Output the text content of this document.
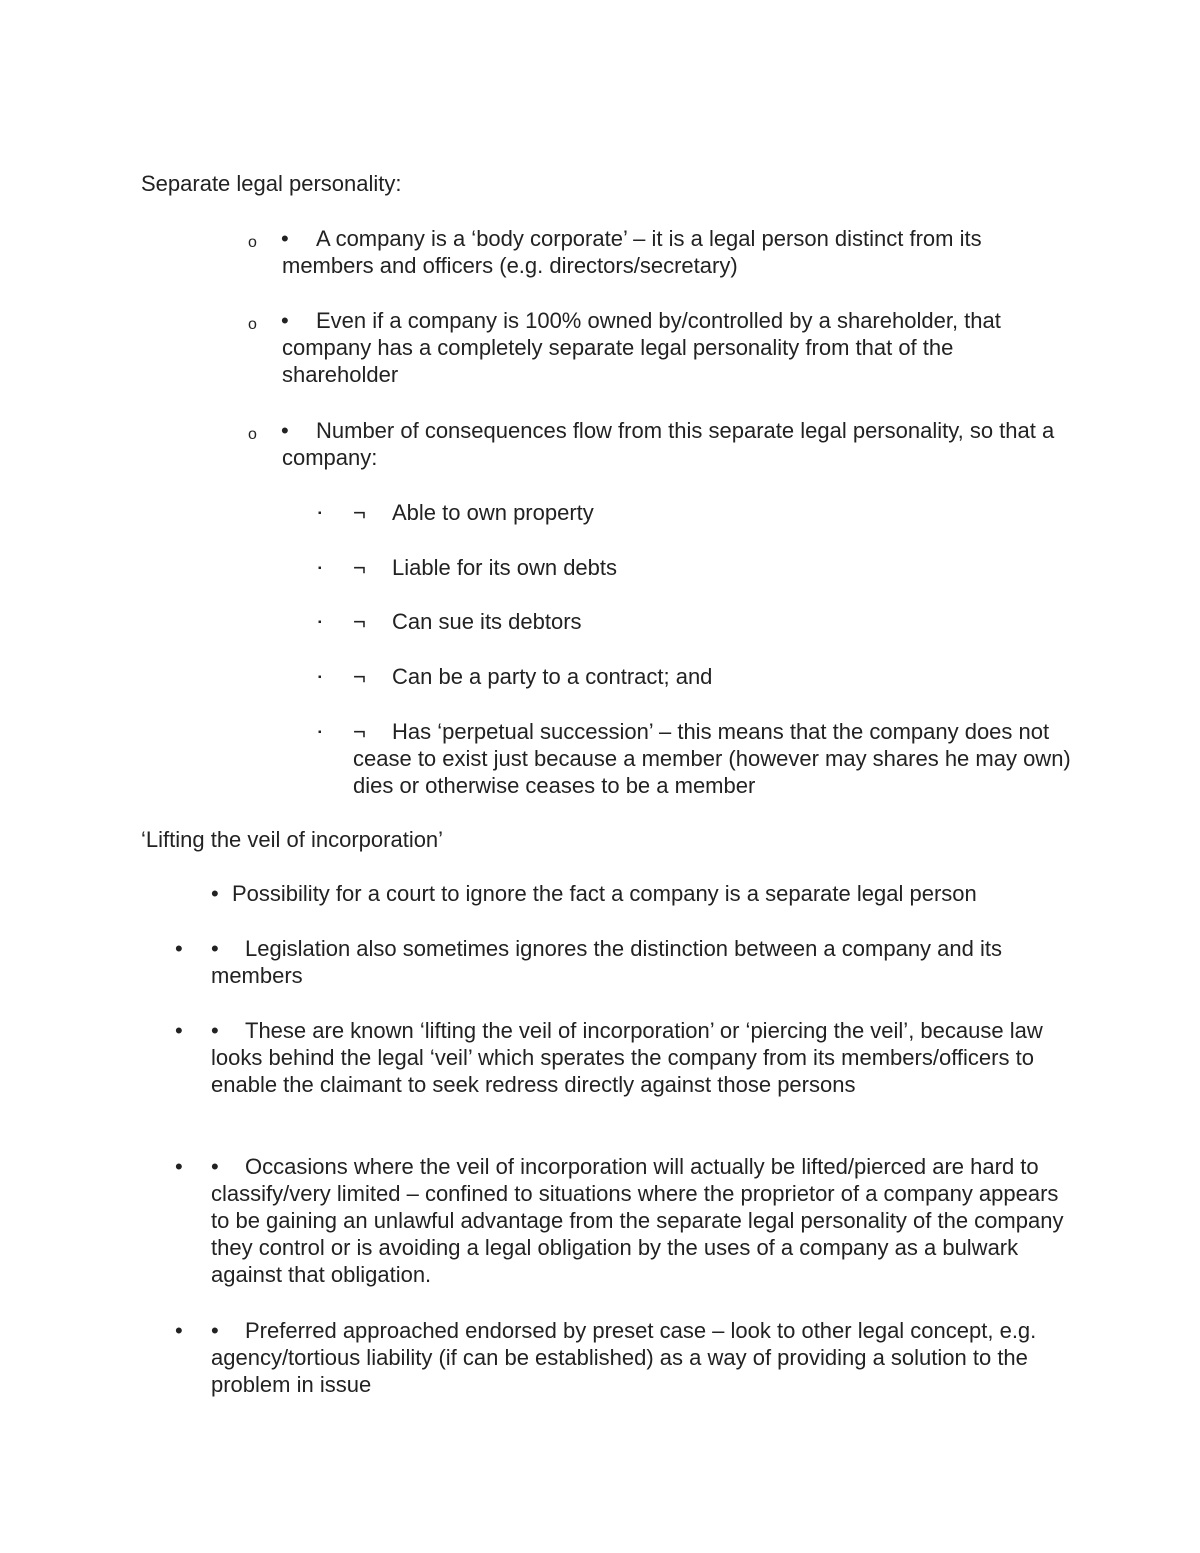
Separate legal personality:
o •	A company is a ‘body corporate’ – it is a legal person distinct from its members and officers (e.g. directors/secretary)
o •	Even if a company is 100% owned by/controlled by a shareholder, that company has a completely separate legal personality from that of the shareholder
o •	Number of consequences flow from this separate legal personality, so that a company:
▪ ¬ Able to own property
▪ ¬ Liable for its own debts
▪ ¬ Can sue its debtors
▪ ¬ Can be a party to a contract; and
▪ ¬	Has ‘perpetual succession’ – this means that the company does not cease to exist just because a member (however may shares he may own) dies or otherwise ceases to be a member
‘Lifting the veil of incorporation’
• Possibility for a court to ignore the fact a company is a separate legal person
• •	Legislation also sometimes ignores the distinction between a company and its members
• •	These are known ‘lifting the veil of incorporation’ or ‘piercing the veil’, because law looks behind the legal ‘veil’ which sperates the company from its members/officers to enable the claimant to seek redress directly against those persons
• •	Occasions where the veil of incorporation will actually be lifted/pierced are hard to classify/very limited – confined to situations where the proprietor of a company appears to be gaining an unlawful advantage from the separate legal personality of the company they control or is avoiding a legal obligation by the uses of a company as a bulwark against that obligation.
• •	Preferred approached endorsed by preset case – look to other legal concept, e.g. agency/tortious liability (if can be established) as a way of providing a solution to the problem in issue
